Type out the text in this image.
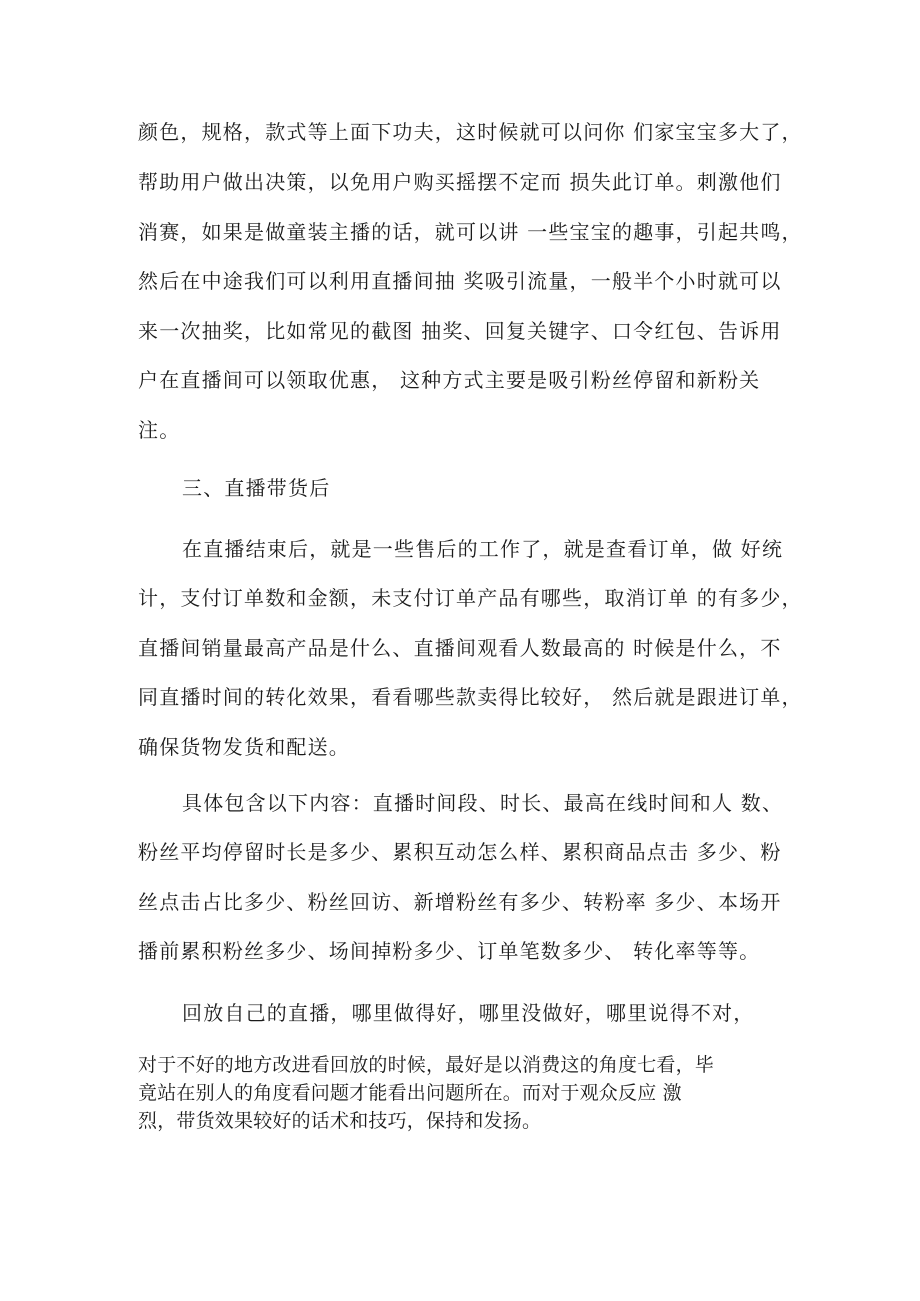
颜色，规格，款式等上面下功夫，这时候就可以问你 们家宝宝多大了，
帮助用户做出决策，以免用户购买摇摆不定而 损失此订单。刺激他们
消赛，如果是做童装主播的话，就可以讲 一些宝宝的趣事，引起共鸣，
然后在中途我们可以利用直播间抽 奖吸引流量，一般半个小时就可以
来一次抽奖，比如常见的截图 抽奖、回复关键字、口令红包、告诉用
户在直播间可以领取优惠， 这种方式主要是吸引粉丝停留和新粉关
注。
三、直播带货后
在直播结束后，就是一些售后的工作了，就是查看订单，做 好统
计，支付订单数和金额，未支付订单产品有哪些，取消订单 的有多少，
直播间销量最高产品是什么、直播间观看人数最高的 时候是什么，不
同直播时间的转化效果，看看哪些款卖得比较好， 然后就是跟进订单，
确保货物发货和配送。
具体包含以下内容：直播时间段、时长、最高在线时间和人 数、
粉丝平均停留时长是多少、累积互动怎么样、累积商品点击 多少、粉
丝点击占比多少、粉丝回访、新增粉丝有多少、转粉率 多少、本场开
播前累积粉丝多少、场间掉粉多少、订单笔数多少、 转化率等等。
回放自己的直播，哪里做得好，哪里没做好，哪里说得不对，
对于不好的地方改进看回放的时候，最好是以消费这的角度七看，毕
竟站在别人的角度看问题才能看出问题所在。而对于观众反应 激
烈，带货效果较好的话术和技巧，保持和发扬。
